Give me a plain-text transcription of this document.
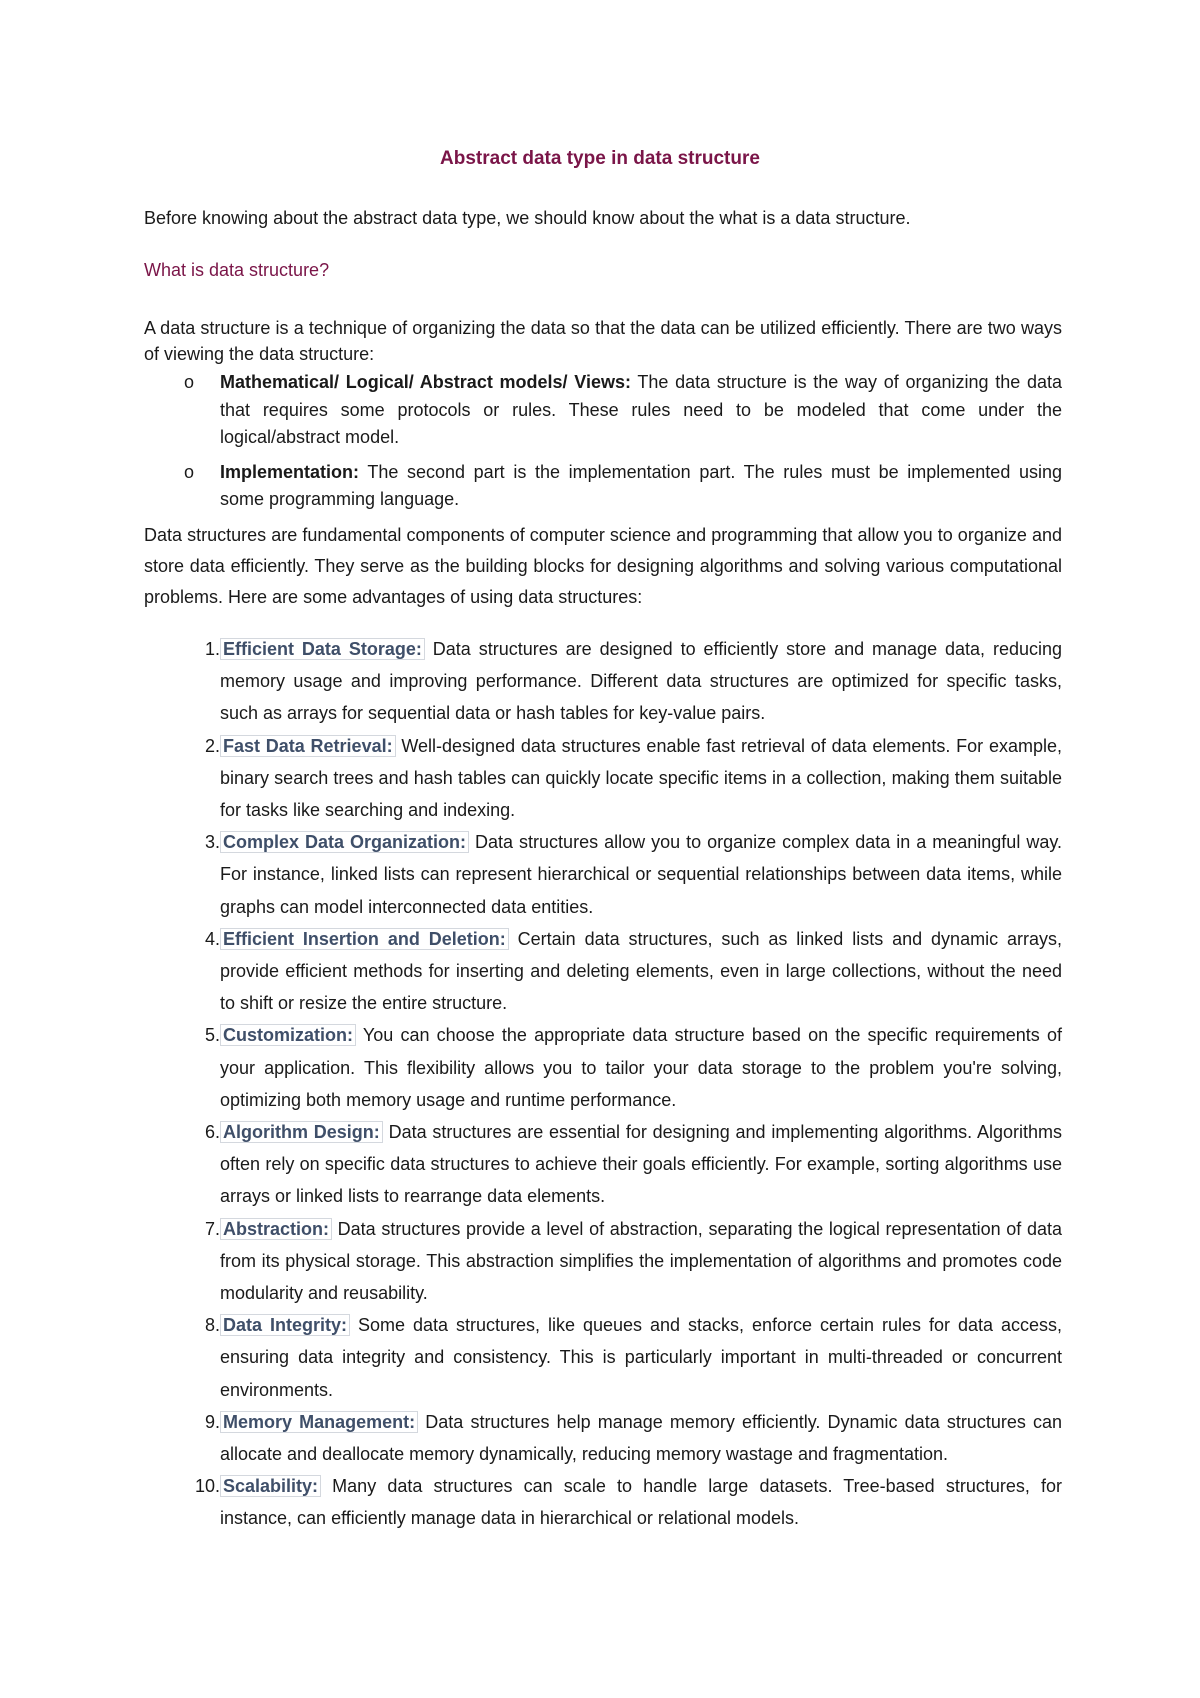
Abstract data type in data structure
Before knowing about the abstract data type, we should know about the what is a data structure.
What is data structure?
A data structure is a technique of organizing the data so that the data can be utilized efficiently. There are two ways of viewing the data structure:
o Mathematical/ Logical/ Abstract models/ Views: The data structure is the way of organizing the data that requires some protocols or rules. These rules need to be modeled that come under the logical/abstract model.
o Implementation: The second part is the implementation part. The rules must be implemented using some programming language.
Data structures are fundamental components of computer science and programming that allow you to organize and store data efficiently. They serve as the building blocks for designing algorithms and solving various computational problems. Here are some advantages of using data structures:
1. Efficient Data Storage: Data structures are designed to efficiently store and manage data, reducing memory usage and improving performance. Different data structures are optimized for specific tasks, such as arrays for sequential data or hash tables for key-value pairs.
2. Fast Data Retrieval: Well-designed data structures enable fast retrieval of data elements. For example, binary search trees and hash tables can quickly locate specific items in a collection, making them suitable for tasks like searching and indexing.
3. Complex Data Organization: Data structures allow you to organize complex data in a meaningful way. For instance, linked lists can represent hierarchical or sequential relationships between data items, while graphs can model interconnected data entities.
4. Efficient Insertion and Deletion: Certain data structures, such as linked lists and dynamic arrays, provide efficient methods for inserting and deleting elements, even in large collections, without the need to shift or resize the entire structure.
5. Customization: You can choose the appropriate data structure based on the specific requirements of your application. This flexibility allows you to tailor your data storage to the problem you're solving, optimizing both memory usage and runtime performance.
6. Algorithm Design: Data structures are essential for designing and implementing algorithms. Algorithms often rely on specific data structures to achieve their goals efficiently. For example, sorting algorithms use arrays or linked lists to rearrange data elements.
7. Abstraction: Data structures provide a level of abstraction, separating the logical representation of data from its physical storage. This abstraction simplifies the implementation of algorithms and promotes code modularity and reusability.
8. Data Integrity: Some data structures, like queues and stacks, enforce certain rules for data access, ensuring data integrity and consistency. This is particularly important in multi-threaded or concurrent environments.
9. Memory Management: Data structures help manage memory efficiently. Dynamic data structures can allocate and deallocate memory dynamically, reducing memory wastage and fragmentation.
10. Scalability: Many data structures can scale to handle large datasets. Tree-based structures, for instance, can efficiently manage data in hierarchical or relational models.
